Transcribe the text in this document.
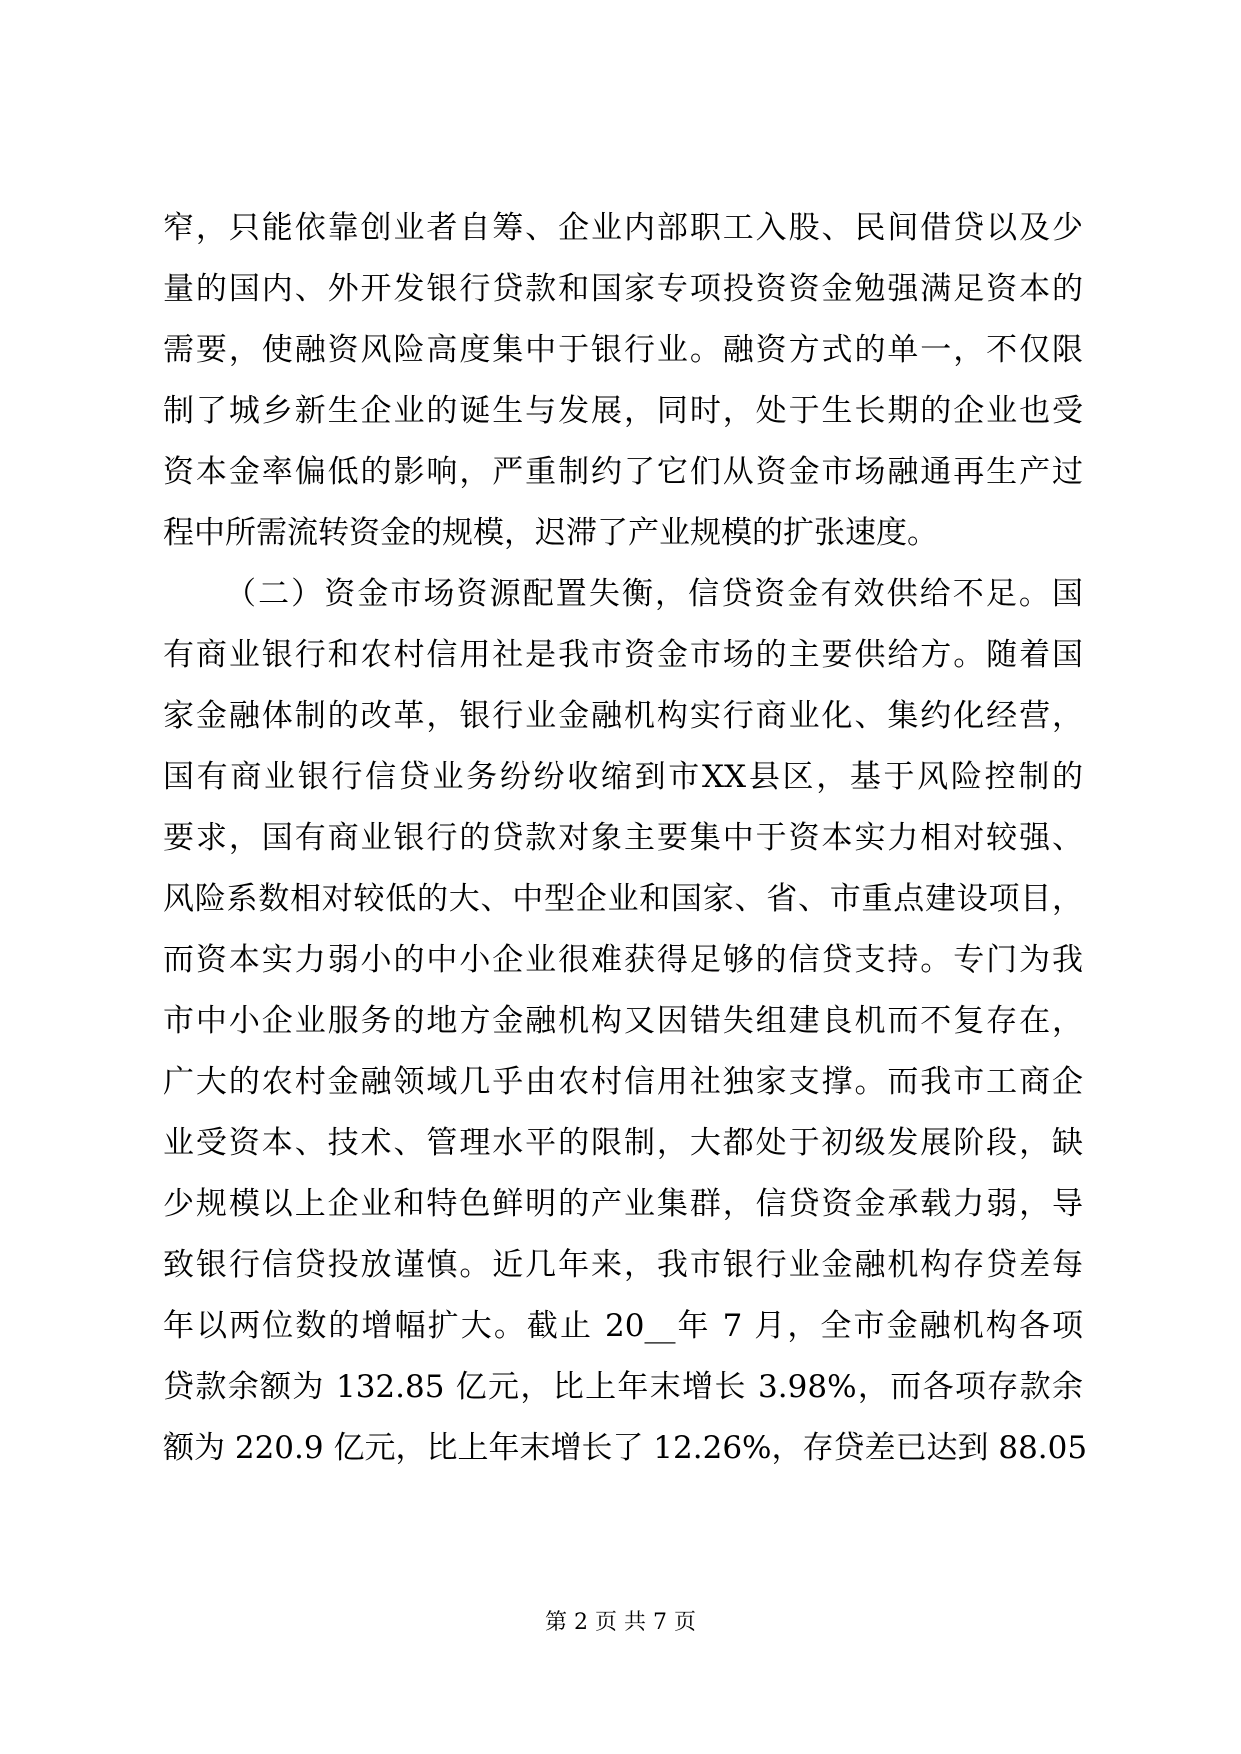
窄，只能依靠创业者自筹、企业内部职工入股、民间借贷以及少
量的国内、外开发银行贷款和国家专项投资资金勉强满足资本的
需要，使融资风险高度集中于银行业。融资方式的单一，不仅限
制了城乡新生企业的诞生与发展，同时，处于生长期的企业也受
资本金率偏低的影响，严重制约了它们从资金市场融通再生产过
程中所需流转资金的规模，迟滞了产业规模的扩张速度。
（二）资金市场资源配置失衡，信贷资金有效供给不足。国
有商业银行和农村信用社是我市资金市场的主要供给方。随着国
家金融体制的改革，银行业金融机构实行商业化、集约化经营，
国有商业银行信贷业务纷纷收缩到市XX县区，基于风险控制的
要求，国有商业银行的贷款对象主要集中于资本实力相对较强、
风险系数相对较低的大、中型企业和国家、省、市重点建设项目，
而资本实力弱小的中小企业很难获得足够的信贷支持。专门为我
市中小企业服务的地方金融机构又因错失组建良机而不复存在，
广大的农村金融领域几乎由农村信用社独家支撑。而我市工商企
业受资本、技术、管理水平的限制，大都处于初级发展阶段，缺
少规模以上企业和特色鲜明的产业集群，信贷资金承载力弱，导
致银行信贷投放谨慎。近几年来，我市银行业金融机构存贷差每
年以两位数的增幅扩大。截止 20__年 7 月，全市金融机构各项
贷款余额为 132.85 亿元，比上年末增长 3.98%，而各项存款余
额为 220.9 亿元，比上年末增长了 12.26%，存贷差已达到 88.05
第 2 页 共 7 页
